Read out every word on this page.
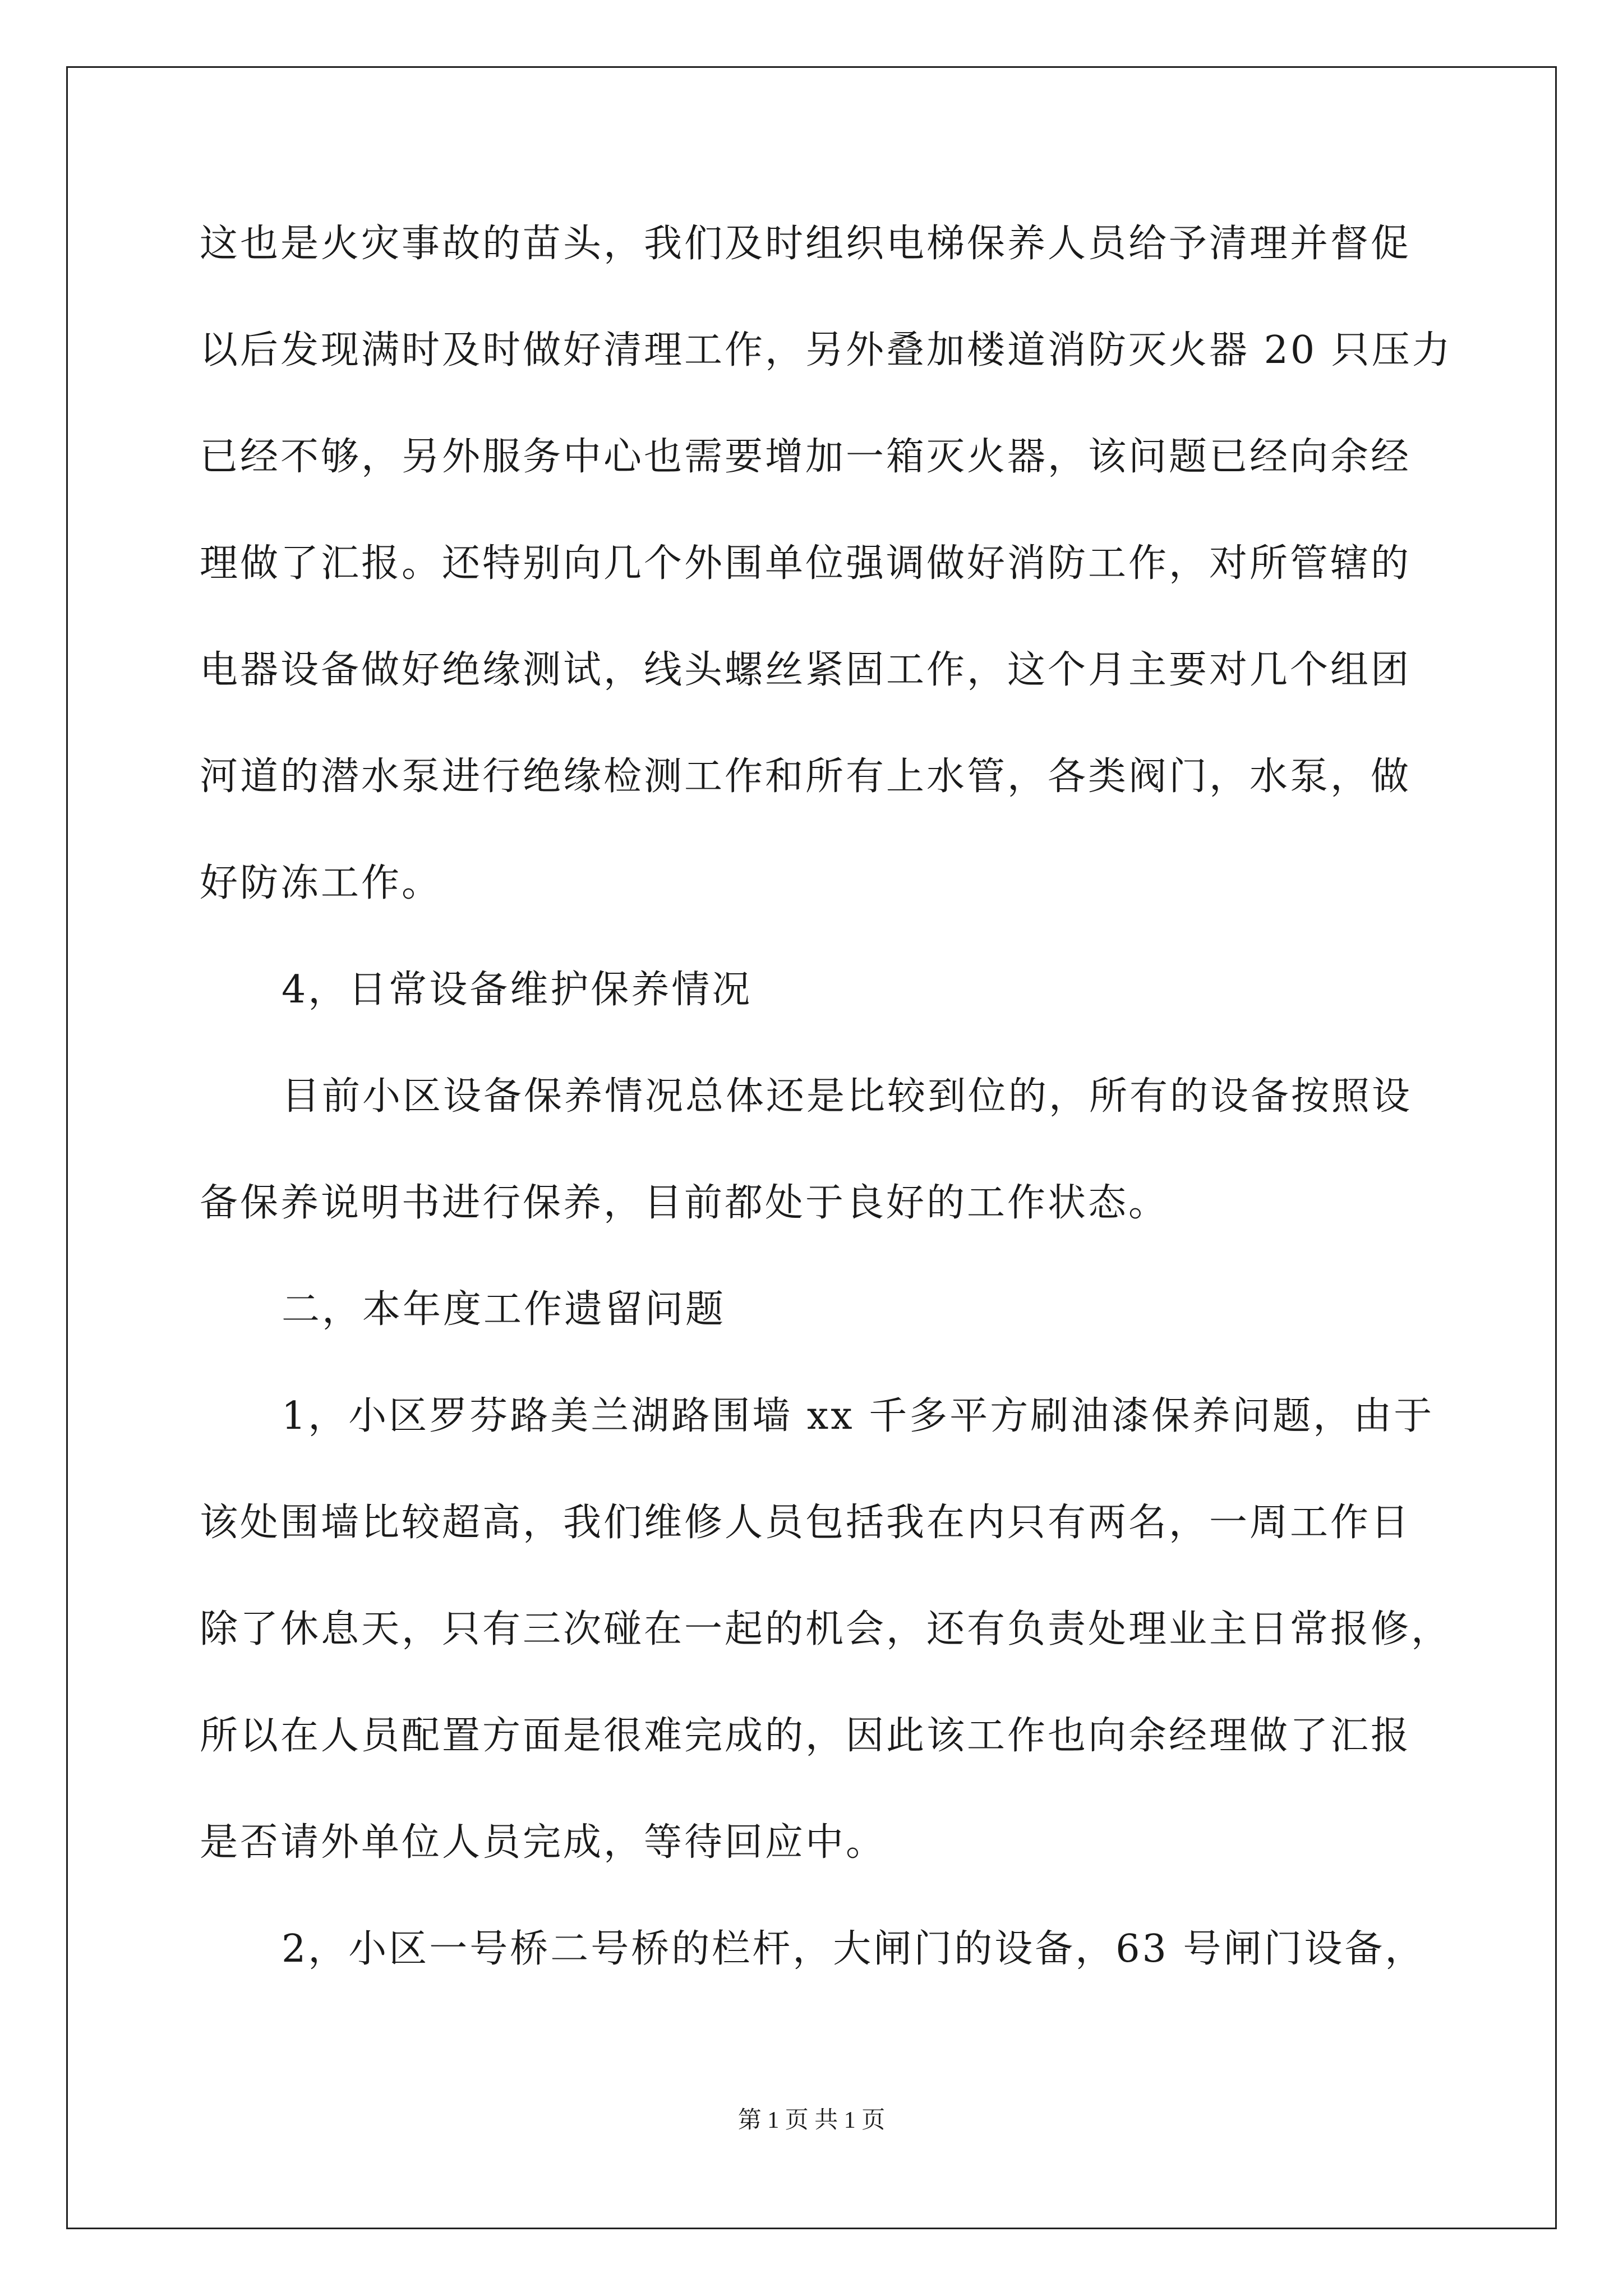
这也是火灾事故的苗头，我们及时组织电梯保养人员给予清理并督促
以后发现满时及时做好清理工作，另外叠加楼道消防灭火器 20 只压力
已经不够，另外服务中心也需要增加一箱灭火器，该问题已经向余经
理做了汇报。还特别向几个外围单位强调做好消防工作，对所管辖的
电器设备做好绝缘测试，线头螺丝紧固工作，这个月主要对几个组团
河道的潜水泵进行绝缘检测工作和所有上水管，各类阀门，水泵，做
好防冻工作。
4，日常设备维护保养情况
目前小区设备保养情况总体还是比较到位的，所有的设备按照设
备保养说明书进行保养，目前都处于良好的工作状态。
二，本年度工作遗留问题
1，小区罗芬路美兰湖路围墙 xx 千多平方刷油漆保养问题，由于
该处围墙比较超高，我们维修人员包括我在内只有两名，一周工作日
除了休息天，只有三次碰在一起的机会，还有负责处理业主日常报修，
所以在人员配置方面是很难完成的，因此该工作也向余经理做了汇报
是否请外单位人员完成，等待回应中。
2，小区一号桥二号桥的栏杆，大闸门的设备，63 号闸门设备，
第 1 页 共 1 页
